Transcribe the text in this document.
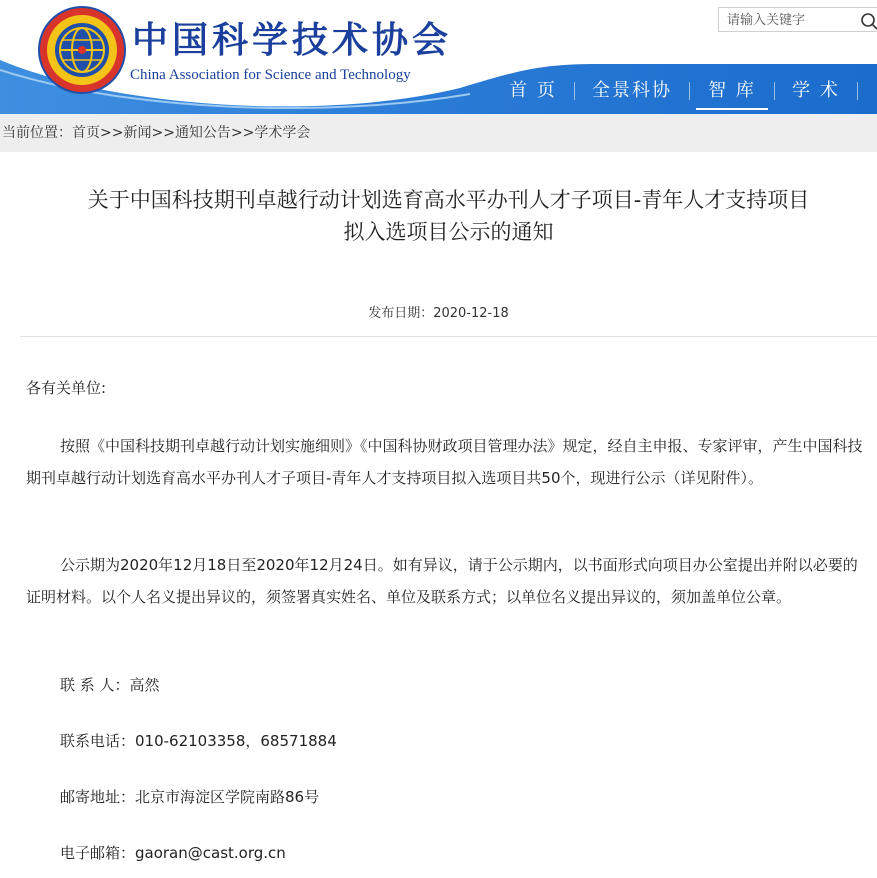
中国科学技术协会
China Association for Science and Technology
请输入关键字
首 页	全景科协	智 库	学 术
当前位置：首页>>新闻>>通知公告>>学术学会
关于中国科技期刊卓越行动计划选育高水平办刊人才子项目-青年人才支持项目
拟入选项目公示的通知
发布日期：2020-12-18

各有关单位:

按照《中国科技期刊卓越行动计划实施细则》《中国科协财政项目管理办法》规定，经自主申报、专家评审，产生中国科技期刊卓越行动计划选育高水平办刊人才子项目-青年人才支持项目拟入选项目共50个，现进行公示（详见附件）。

公示期为2020年12月18日至2020年12月24日。如有异议，请于公示期内，以书面形式向项目办公室提出并附以必要的证明材料。以个人名义提出异议的，须签署真实姓名、单位及联系方式；以单位名义提出异议的，须加盖单位公章。

联 系 人：高然

联系电话：010-62103358，68571884

邮寄地址：北京市海淀区学院南路86号

电子邮箱：gaoran@cast.org.cn
